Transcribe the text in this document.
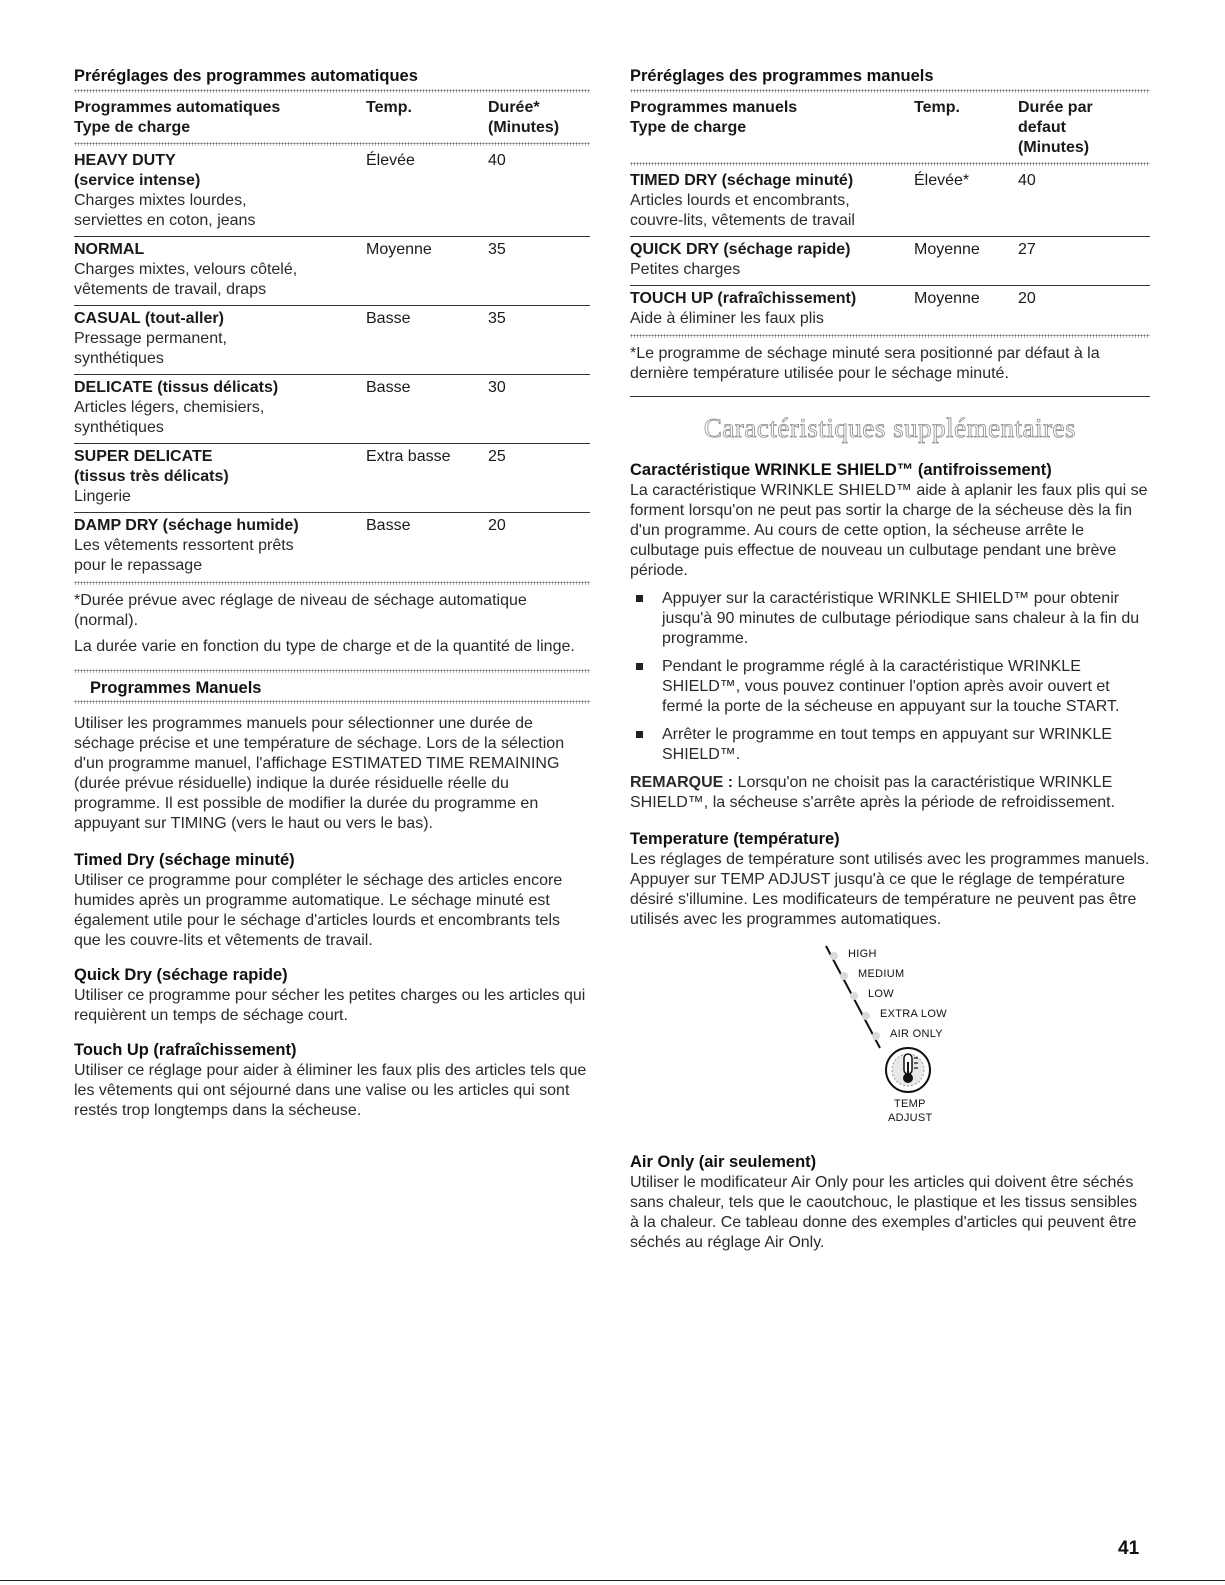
Préréglages des programmes automatiques
Programmes automatiques
Type de charge	Temp.	Durée*
(Minutes)

HEAVY DUTY
(service intense)
Charges mixtes lourdes,
serviettes en coton, jeans	Élevée	40

NORMAL
Charges mixtes, velours côtelé,
vêtements de travail, draps	Moyenne	35

CASUAL (tout-aller)
Pressage permanent,
synthétiques	Basse	35

DELICATE (tissus délicats)
Articles légers, chemisiers,
synthétiques	Basse	30

SUPER DELICATE
(tissus très délicats)
Lingerie	Extra basse	25

DAMP DRY (séchage humide)
Les vêtements ressortent prêts
pour le repassage	Basse	20

*Durée prévue avec réglage de niveau de séchage automatique (normal).

La durée varie en fonction du type de charge et de la quantité de linge.

Programmes Manuels

Utiliser les programmes manuels pour sélectionner une durée de séchage précise et une température de séchage. Lors de la sélection d'un programme manuel, l'affichage ESTIMATED TIME REMAINING (durée prévue résiduelle) indique la durée résiduelle réelle du programme. Il est possible de modifier la durée du programme en appuyant sur TIMING (vers le haut ou vers le bas).

Timed Dry (séchage minuté)

Utiliser ce programme pour compléter le séchage des articles encore humides après un programme automatique. Le séchage minuté est également utile pour le séchage d'articles lourds et encombrants tels que les couvre-lits et vêtements de travail.

Quick Dry (séchage rapide)

Utiliser ce programme pour sécher les petites charges ou les articles qui requièrent un temps de séchage court.

Touch Up (rafraîchissement)

Utiliser ce réglage pour aider à éliminer les faux plis des articles tels que les vêtements qui ont séjourné dans une valise ou les articles qui sont restés trop longtemps dans la sécheuse.

Préréglages des programmes manuels
Programmes manuels
Type de charge	Temp.	Durée par
defaut
(Minutes)

TIMED DRY (séchage minuté)
Articles lourds et encombrants,
couvre-lits, vêtements de travail	Élevée*	40

QUICK DRY (séchage rapide)
Petites charges	Moyenne	27

TOUCH UP (rafraîchissement)
Aide à éliminer les faux plis	Moyenne	20

*Le programme de séchage minuté sera positionné par défaut à la dernière température utilisée pour le séchage minuté.

Caractéristiques supplémentaires
Caractéristique WRINKLE SHIELD™ (antifroissement)

La caractéristique WRINKLE SHIELD™ aide à aplanir les faux plis qui se forment lorsqu'on ne peut pas sortir la charge de la sécheuse dès la fin d'un programme. Au cours de cette option, la sécheuse arrête le culbutage puis effectue de nouveau un culbutage pendant une brève période.

Appuyer sur la caractéristique WRINKLE SHIELD™ pour obtenir jusqu'à 90 minutes de culbutage périodique sans chaleur à la fin du programme.
Pendant le programme réglé à la caractéristique WRINKLE SHIELD™, vous pouvez continuer l'option après avoir ouvert et fermé la porte de la sécheuse en appuyant sur la touche START.
Arrêter le programme en tout temps en appuyant sur WRINKLE SHIELD™.

REMARQUE : Lorsqu'on ne choisit pas la caractéristique WRINKLE SHIELD™, la sécheuse s'arrête après la période de refroidissement.

Temperature (température)

Les réglages de température sont utilisés avec les programmes manuels. Appuyer sur TEMP ADJUST jusqu'à ce que le réglage de température désiré s'illumine. Les modificateurs de température ne peuvent pas être utilisés avec les programmes automatiques.

HIGH
MEDIUM
LOW
EXTRA LOW
AIR ONLY
TEMP
ADJUST
Air Only (air seulement)

Utiliser le modificateur Air Only pour les articles qui doivent être séchés sans chaleur, tels que le caoutchouc, le plastique et les tissus sensibles à la chaleur. Ce tableau donne des exemples d'articles qui peuvent être séchés au réglage Air Only.

41
